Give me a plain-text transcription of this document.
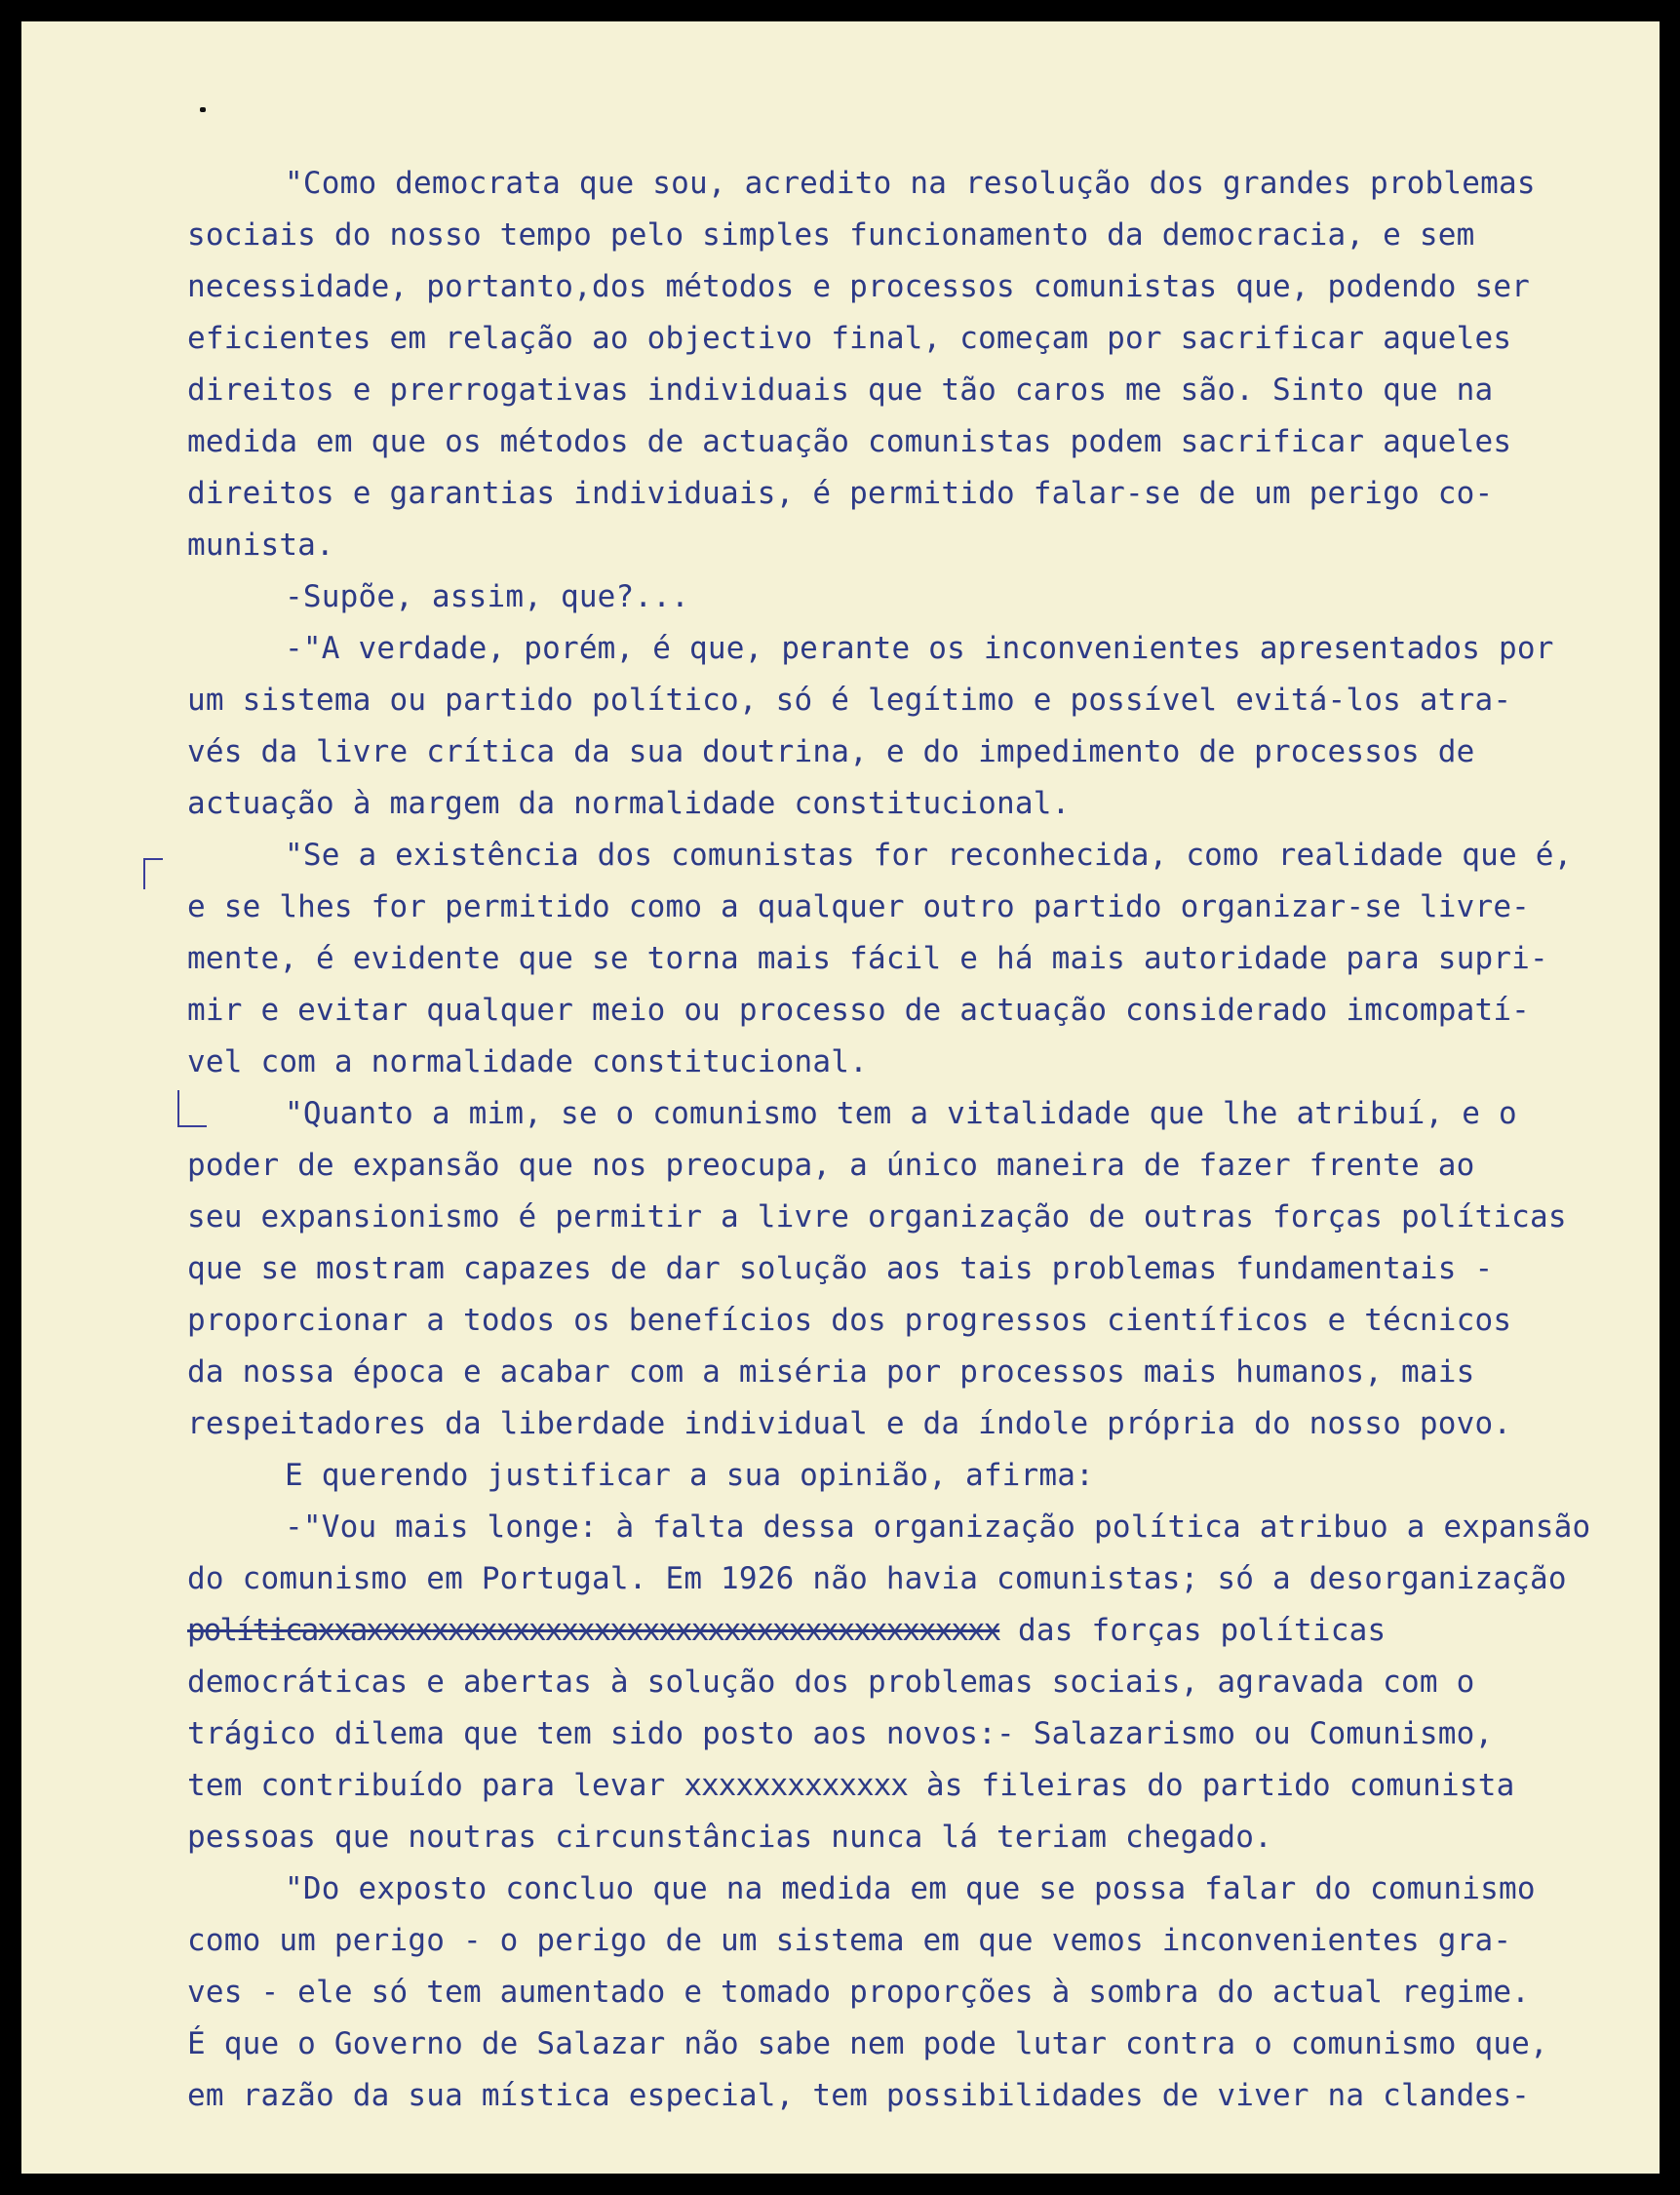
"Como democrata que sou, acredito na resolução dos grandes problemas

sociais do nosso tempo pelo simples funcionamento da democracia, e sem

necessidade, portanto,dos métodos e processos comunistas que, podendo ser

eficientes em relação ao objectivo final, começam por sacrificar aqueles

direitos e prerrogativas individuais que tão caros me são. Sinto que na

medida em que os métodos de actuação comunistas podem sacrificar aqueles

direitos e garantias individuais, é permitido falar-se de um perigo co-

munista.

-Supõe, assim, que?...

-"A verdade, porém, é que, perante os inconvenientes apresentados por

um sistema ou partido político, só é legítimo e possível evitá-los atra-

vés da livre crítica da sua doutrina, e do impedimento de processos de

actuação à margem da normalidade constitucional.

"Se a existência dos comunistas for reconhecida, como realidade que é,

e se lhes for permitido como a qualquer outro partido organizar-se livre-

mente, é evidente que se torna mais fácil e há mais autoridade para supri-

mir e evitar qualquer meio ou processo de actuação considerado imcompatí-

vel com a normalidade constitucional.

"Quanto a mim, se o comunismo tem a vitalidade que lhe atribuí, e o

poder de expansão que nos preocupa, a único maneira de fazer frente ao

seu expansionismo é permitir a livre organização de outras forças políticas

que se mostram capazes de dar solução aos tais problemas fundamentais -

proporcionar a todos os benefícios dos progressos científicos e técnicos

da nossa época e acabar com a miséria por processos mais humanos, mais

respeitadores da liberdade individual e da índole própria do nosso povo.

E querendo justificar a sua opinião, afirma:

-"Vou mais longe: à falta dessa organização política atribuo a expansão

do comunismo em Portugal. Em 1926 não havia comunistas; só a desorganização

políticaxxaxxxxxxxxxxxxxxxxxxxxxxxxxxxxxxxxxxxxxxx das forças políticas

democráticas e abertas à solução dos problemas sociais, agravada com o

trágico dilema que tem sido posto aos novos:- Salazarismo ou Comunismo,

tem contribuído para levar xxxxxxxxxxxxx às fileiras do partido comunista

pessoas que noutras circunstâncias nunca lá teriam chegado.

"Do exposto concluo que na medida em que se possa falar do comunismo

como um perigo - o perigo de um sistema em que vemos inconvenientes gra-

ves - ele só tem aumentado e tomado proporções à sombra do actual regime.

É que o Governo de Salazar não sabe nem pode lutar contra o comunismo que,

em razão da sua mística especial, tem possibilidades de viver na clandes-
